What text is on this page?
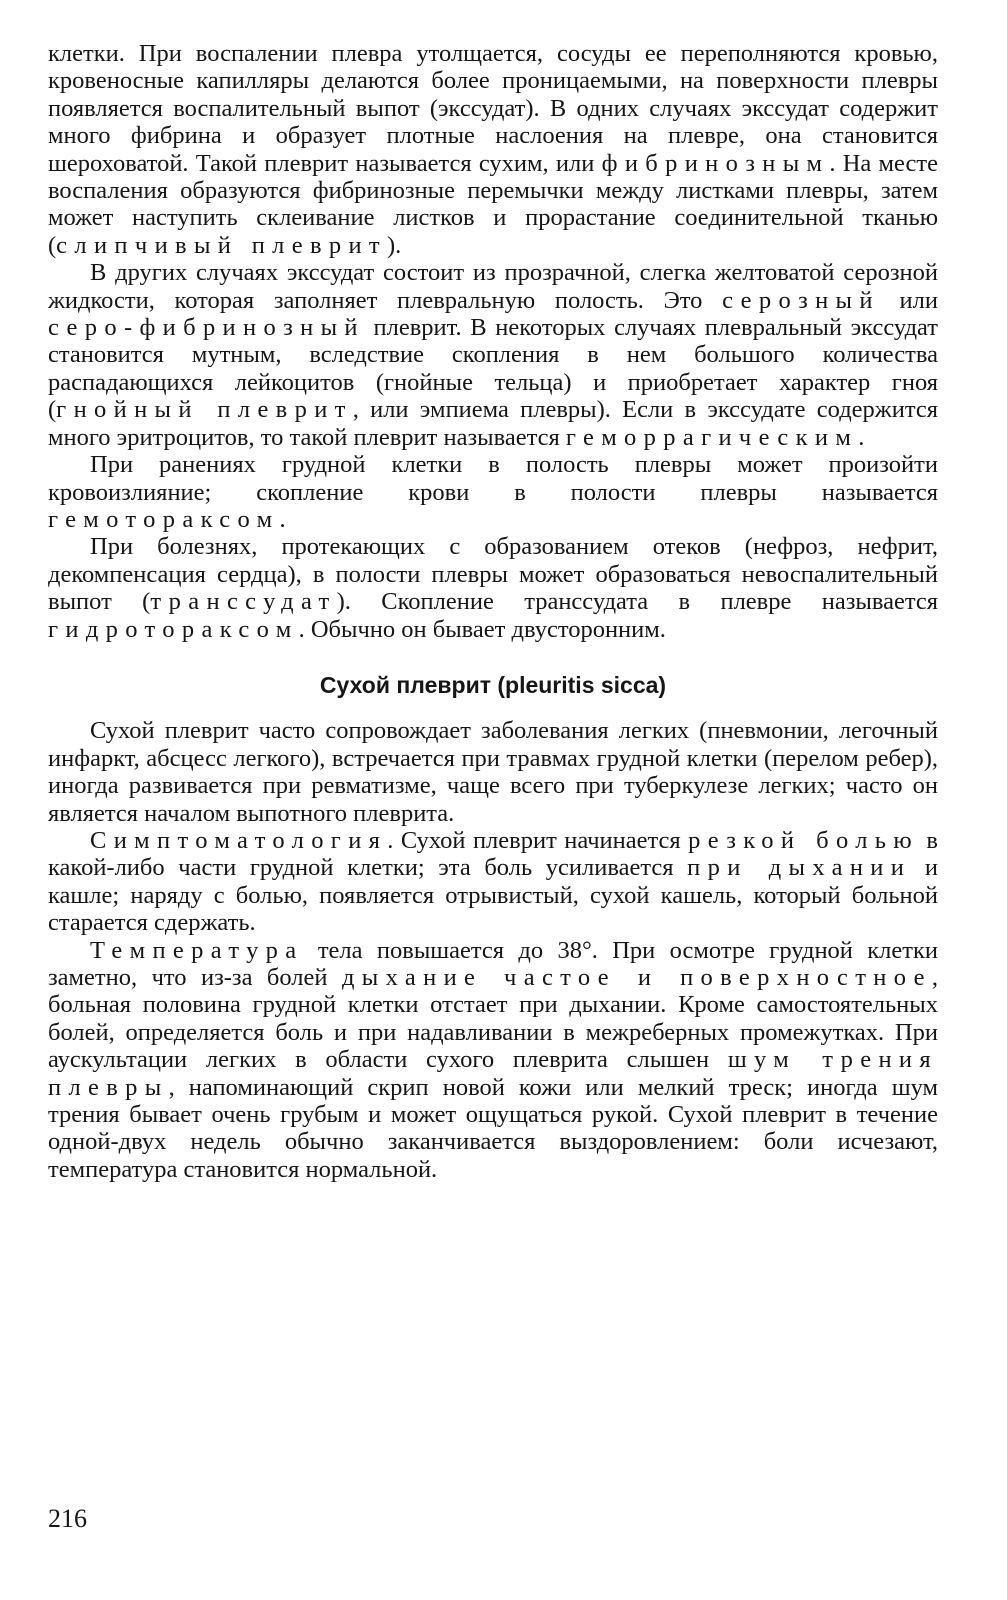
клетки. При воспалении плевра утолщается, сосуды ее переполняются кровью, кровеносные капилляры делаются более проницаемыми, на поверхности плевры появляется воспалительный выпот (экссудат). В одних случаях экссудат содержит много фибрина и образует плотные наслоения на плевре, она становится шероховатой. Такой плеврит называется сухим, или фибринозным. На месте воспаления образуются фибринозные перемычки между листками плевры, затем может наступить склеивание листков и прорастание соединительной тканью (слипчивый плеврит).

В других случаях экссудат состоит из прозрачной, слегка желтоватой серозной жидкости, которая заполняет плевральную полость. Это серозный или серо-фибринозный плеврит. В некоторых случаях плевральный экссудат становится мутным, вследствие скопления в нем большого количества распадающихся лейкоцитов (гнойные тельца) и приобретает характер гноя (гнойный плеврит, или эмпиема плевры). Если в экссудате содержится много эритроцитов, то такой плеврит называется геморрагическим.

При ранениях грудной клетки в полость плевры может произойти кровоизлияние; скопление крови в полости плевры называется гемотораксом.

При болезнях, протекающих с образованием отеков (нефроз, нефрит, декомпенсация сердца), в полости плевры может образоваться невоспалительный выпот (транссудат). Скопление транссудата в плевре называется гидротораксом. Обычно он бывает двусторонним.

Сухой плеврит (pleuritis sicca)

Сухой плеврит часто сопровождает заболевания легких (пневмонии, легочный инфаркт, абсцесс легкого), встречается при травмах грудной клетки (перелом ребер), иногда развивается при ревматизме, чаще всего при туберкулезе легких; часто он является началом выпотного плеврита.

Симптоматология. Сухой плеврит начинается резкой болью в какой-либо части грудной клетки; эта боль усиливается при дыхании и кашле; наряду с болью, появляется отрывистый, сухой кашель, который больной старается сдержать.

Температура тела повышается до 38°. При осмотре грудной клетки заметно, что из-за болей дыхание частое и поверхностное, больная половина грудной клетки отстает при дыхании. Кроме самостоятельных болей, определяется боль и при надавливании в межреберных промежутках. При аускультации легких в области сухого плеврита слышен шум трения плевры, напоминающий скрип новой кожи или мелкий треск; иногда шум трения бывает очень грубым и может ощущаться рукой. Сухой плеврит в течение одной-двух недель обычно заканчивается выздоровлением: боли исчезают, температура становится нормальной.

216
